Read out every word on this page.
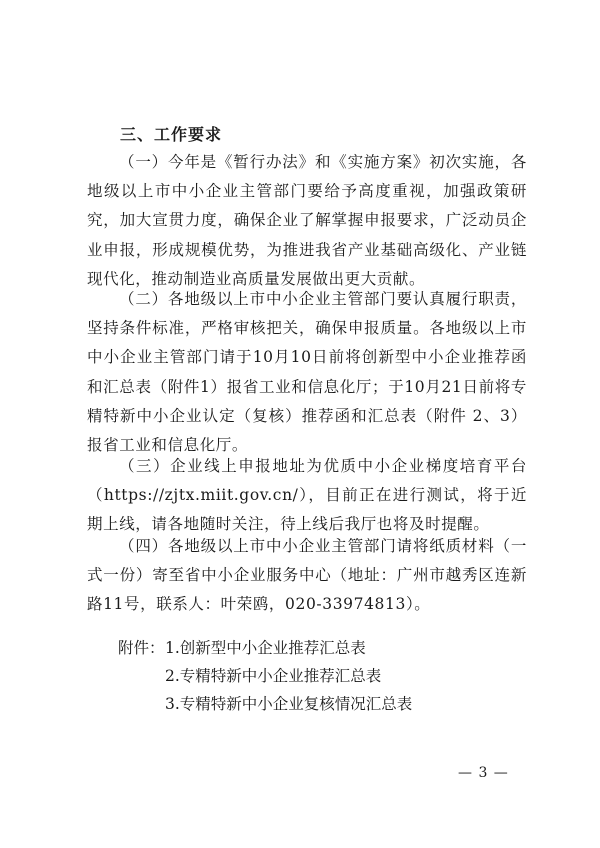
三、工作要求

（一）今年是《暂行办法》和《实施方案》初次实施，各地级以上市中小企业主管部门要给予高度重视，加强政策研究，加大宣贯力度，确保企业了解掌握申报要求，广泛动员企业申报，形成规模优势，为推进我省产业基础高级化、产业链现代化，推动制造业高质量发展做出更大贡献。

（二）各地级以上市中小企业主管部门要认真履行职责，坚持条件标准，严格审核把关，确保申报质量。各地级以上市中小企业主管部门请于10月10日前将创新型中小企业推荐函和汇总表（附件1）报省工业和信息化厅；于10月21日前将专精特新中小企业认定（复核）推荐函和汇总表（附件 2、3）报省工业和信息化厅。

（三）企业线上申报地址为优质中小企业梯度培育平台（https://zjtx.miit.gov.cn/），目前正在进行测试，将于近期上线，请各地随时关注，待上线后我厅也将及时提醒。

（四）各地级以上市中小企业主管部门请将纸质材料（一式一份）寄至省中小企业服务中心（地址：广州市越秀区连新路11号，联系人：叶荣鸥，020-33974813）。

附件： 1.创新型中小企业推荐汇总表
2.专精特新中小企业推荐汇总表
3.专精特新中小企业复核情况汇总表
— 3 —
